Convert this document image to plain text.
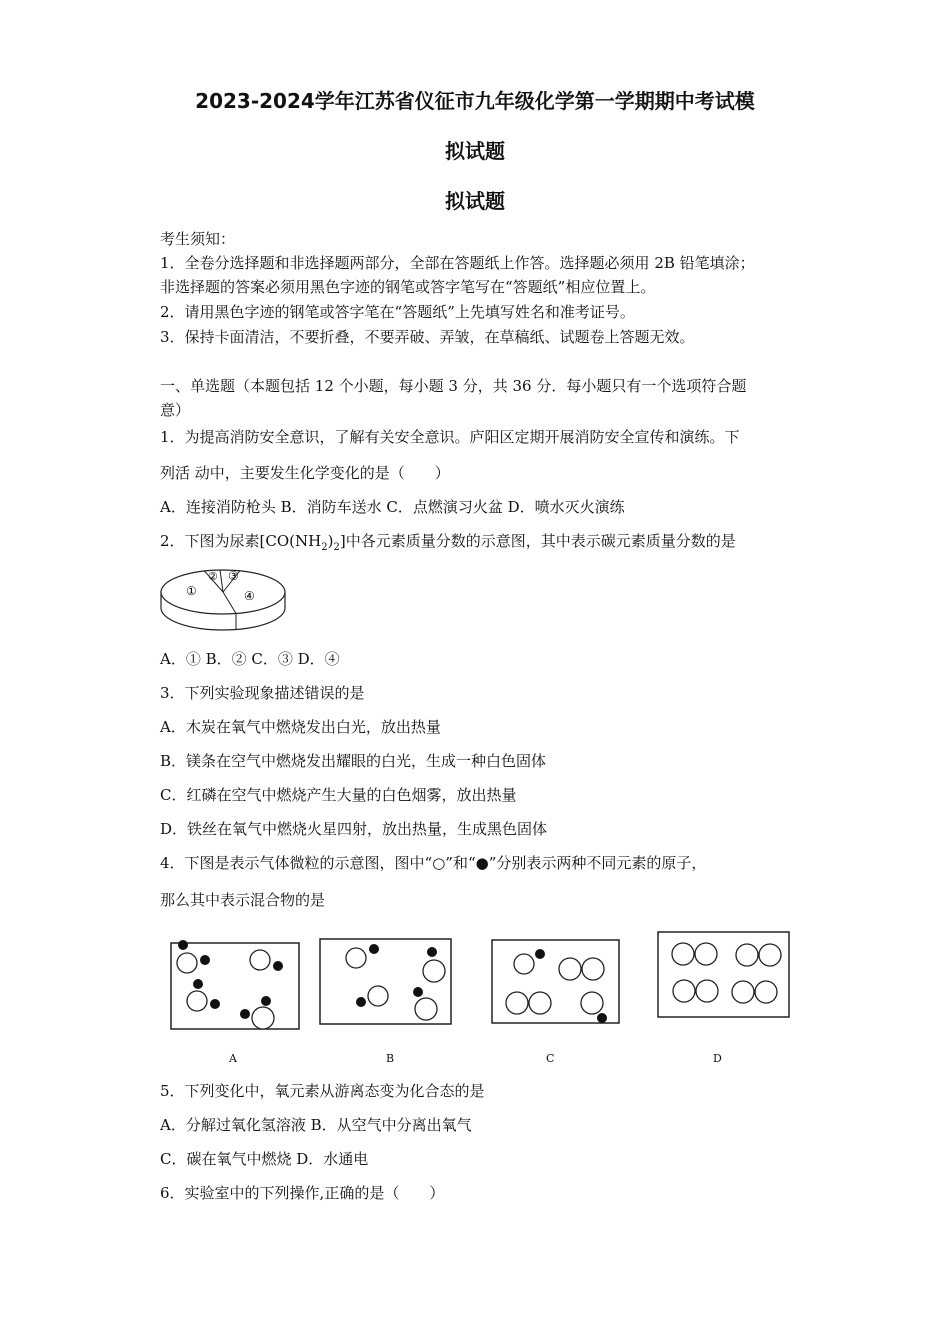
2023-2024学年江苏省仪征市九年级化学第一学期期中考试模
拟试题
拟试题
考生须知：
1．全卷分选择题和非选择题两部分，全部在答题纸上作答。选择题必须用 2B 铅笔填涂；
非选择题的答案必须用黑色字迹的钢笔或答字笔写在“答题纸”相应位置上。
2．请用黑色字迹的钢笔或答字笔在“答题纸”上先填写姓名和准考证号。
3．保持卡面清洁，不要折叠，不要弄破、弄皱，在草稿纸、试题卷上答题无效。
一、单选题（本题包括 12 个小题，每小题 3 分，共 36 分．每小题只有一个选项符合题
意）
1．为提高消防安全意识，了解有关安全意识。庐阳区定期开展消防安全宣传和演练。下
列活 动中，主要发生化学变化的是（　　）
A．连接消防枪头 B．消防车送水 C．点燃演习火盆 D．喷水灭火演练
2．下图为尿素$[CO(NH_2)_2]$中各元素质量分数的示意图，其中表示碳元素质量分数的是
①
② ③
④
A．① B．② C．③ D．④
3．下列实验现象描述错误的是
A．木炭在氧气中燃烧发出白光，放出热量
B．镁条在空气中燃烧发出耀眼的白光，生成一种白色固体
C．红磷在空气中燃烧产生大量的白色烟雾，放出热量
D．铁丝在氧气中燃烧火星四射，放出热量，生成黑色固体
4．下图是表示气体微粒的示意图，图中“○”和“●”分别表示两种不同元素的原子，
那么其中表示混合物的是
A	B	C	D
5．下列变化中，氧元素从游离态变为化合态的是
A．分解过氧化氢溶液 B．从空气中分离出氧气
C．碳在氧气中燃烧 D．水通电
6．实验室中的下列操作,正确的是（　　）
